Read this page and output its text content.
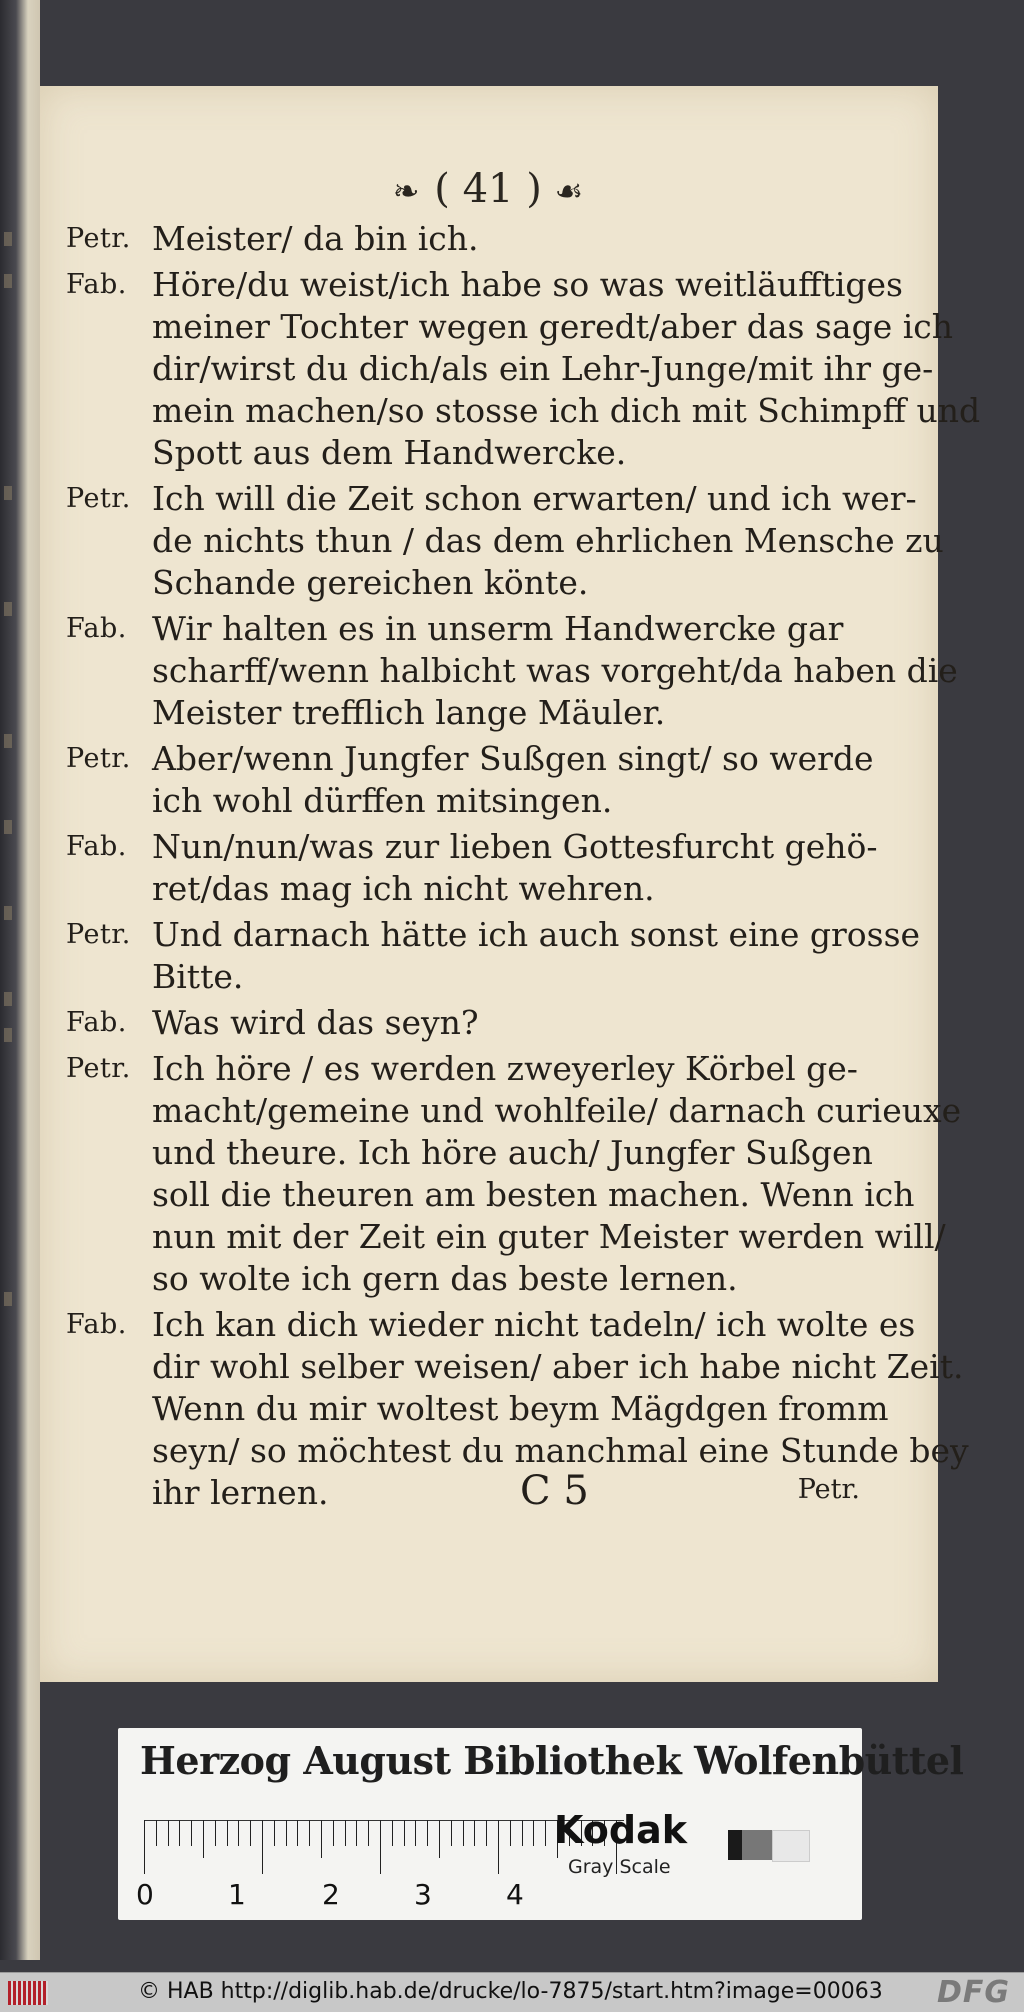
❧ ( 41 ) ☙
Petr. Meister/ da bin ich.
Fab. Höre/du weist/ich habe so was weitläufftiges
meiner Tochter wegen geredt/aber das sage ich
dir/wirst du dich/als ein Lehr-Junge/mit ihr ge-
mein machen/so stosse ich dich mit Schimpff und
Spott aus dem Handwercke.
Petr. Ich will die Zeit schon erwarten/ und ich wer-
de nichts thun / das dem ehrlichen Mensche zu
Schande gereichen könte.
Fab. Wir halten es in unserm Handwercke gar
scharff/wenn halbicht was vorgeht/da haben die
Meister trefflich lange Mäuler.
Petr. Aber/wenn Jungfer Sußgen singt/ so werde
ich wohl dürffen mitsingen.
Fab. Nun/nun/was zur lieben Gottesfurcht gehö-
ret/das mag ich nicht wehren.
Petr. Und darnach hätte ich auch sonst eine grosse
Bitte.
Fab. Was wird das seyn?
Petr. Ich höre / es werden zweyerley Körbel ge-
macht/gemeine und wohlfeile/ darnach curieuxe
und theure. Ich höre auch/ Jungfer Sußgen
soll die theuren am besten machen. Wenn ich
nun mit der Zeit ein guter Meister werden will/
so wolte ich gern das beste lernen.
Fab. Ich kan dich wieder nicht tadeln/ ich wolte es
dir wohl selber weisen/ aber ich habe nicht Zeit.
Wenn du mir woltest beym Mägdgen fromm
seyn/ so möchtest du manchmal eine Stunde bey
ihr lernen.	C 5	Petr.
Herzog August Bibliothek Wolfenbüttel
0	1	2	3	4
Kodak
Gray Scale
© HAB http://diglib.hab.de/drucke/lo-7875/start.htm?image=00063 DFG
